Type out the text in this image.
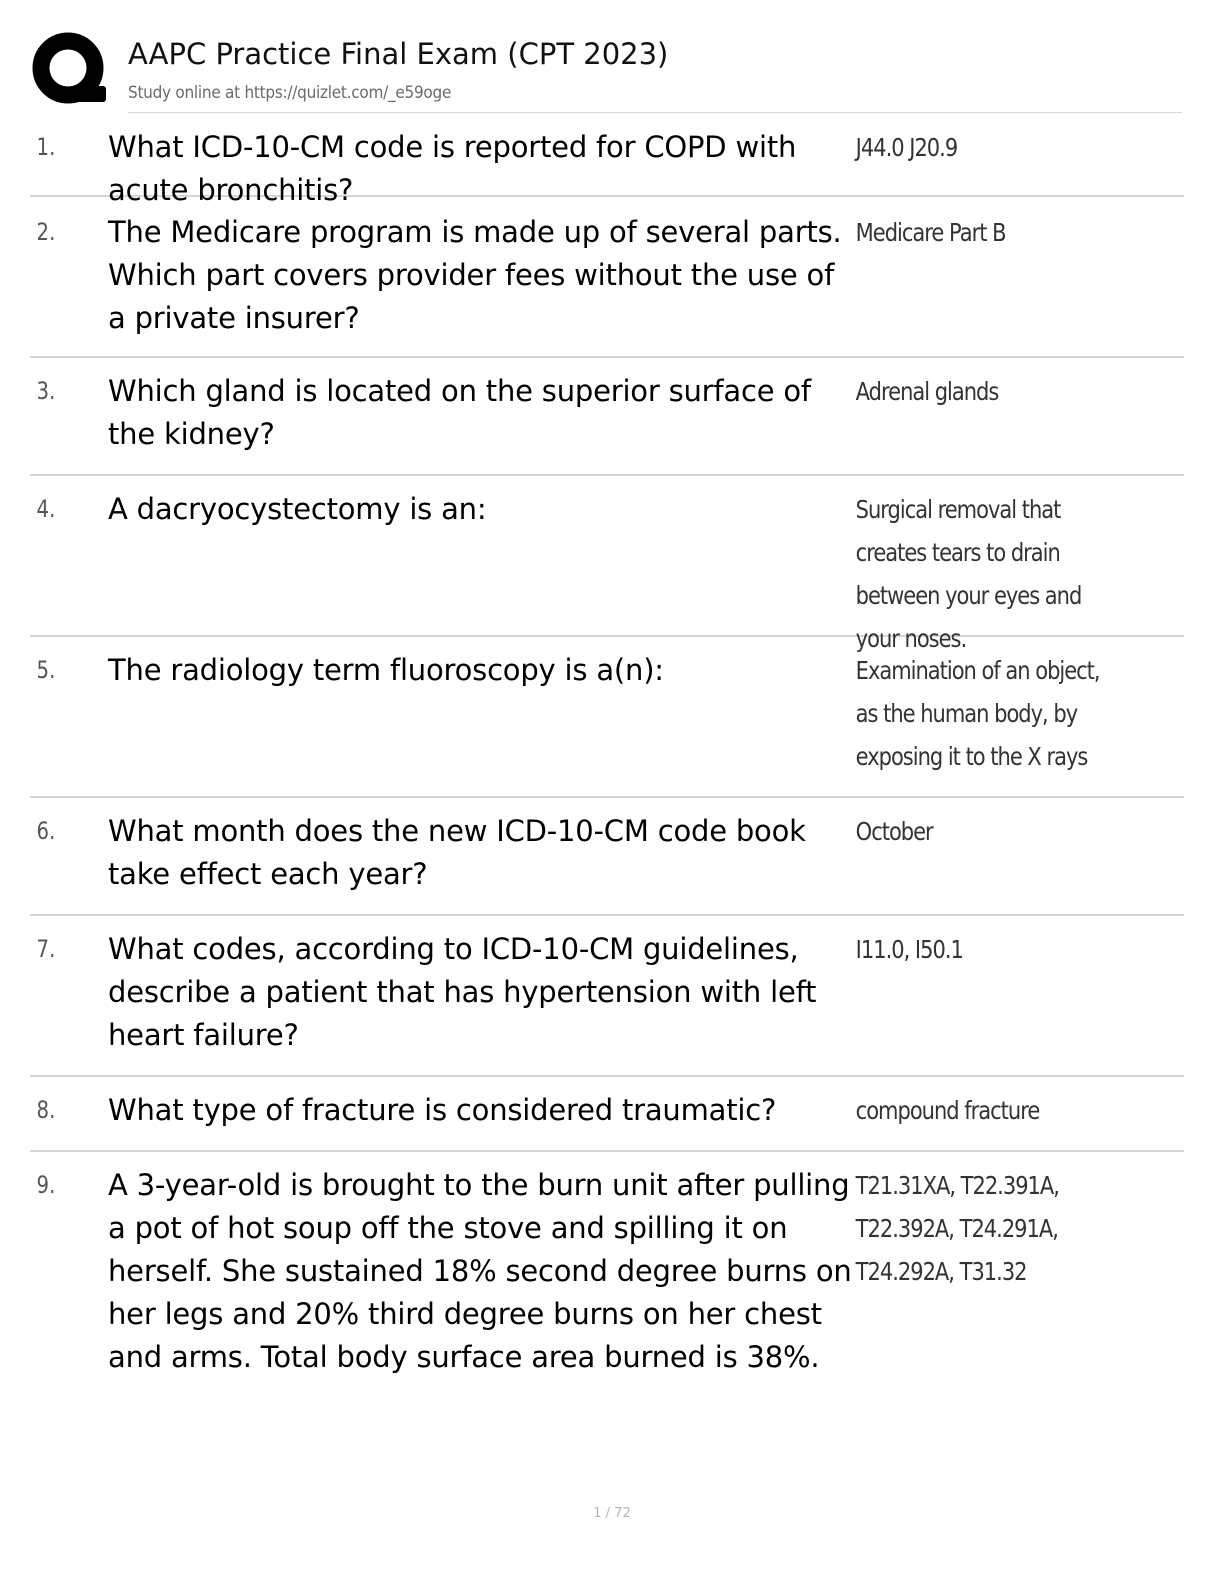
AAPC Practice Final Exam (CPT 2023)
Study online at https://quizlet.com/_e59oge
1.	What ICD-10-CM code is reported for COPD with acute bronchitis?
J44.0 J20.9
2.	The Medicare program is made up of several parts. Which part covers provider fees without the use of a private insurer?
Medicare Part B
3.	Which gland is located on the superior surface of the kidney?
Adrenal glands
4.	A dacryocystectomy is an:	Surgical removal that creates tears to drain between your eyes and your noses.
5.	The radiology term fluoroscopy is a(n):	Examination of an object, as the human body, by exposing it to the X rays
6.	What month does the new ICD-10-CM code book take effect each year?
October
7.	What codes, according to ICD-10-CM guidelines, describe a patient that has hypertension with left heart failure?
I11.0, I50.1
8.	What type of fracture is considered traumatic?	compound fracture
9.	A 3-year-old is brought to the burn unit after pulling a pot of hot soup off the stove and spilling it on herself. She sustained 18% second degree burns on her legs and 20% third degree burns on her chest and arms. Total body surface area burned is 38%.
T21.31XA, T22.391A, T22.392A, T24.291A, T24.292A, T31.32
1 / 72
